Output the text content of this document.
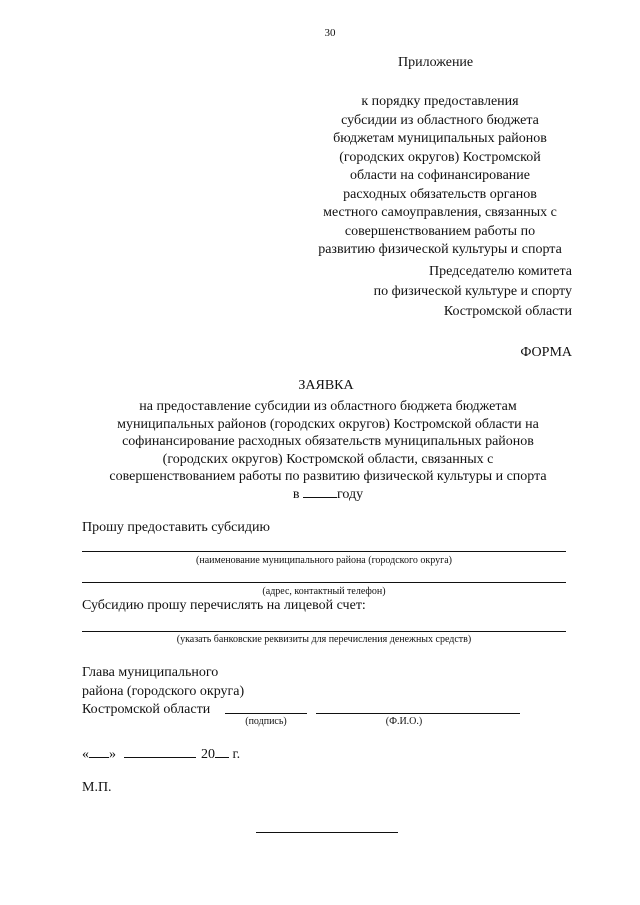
30
Приложение
к порядку предоставления
субсидии из областного бюджета
бюджетам муниципальных районов
(городских округов) Костромской
области на софинансирование
расходных обязательств органов
местного самоуправления, связанных с
совершенствованием работы по
развитию физической культуры и спорта
Председателю комитета
по физической культуре и спорту
Костромской области
ФОРМА
ЗАЯВКА
на предоставление субсидии из областного бюджета бюджетам
муниципальных районов (городских округов) Костромской области на
софинансирование расходных обязательств муниципальных районов
(городских округов) Костромской области, связанных с
совершенствованием работы по развитию физической культуры и спорта
в	году
Прошу предоставить субсидию
(наименование муниципального района (городского округа)
(адрес, контактный телефон)
Субсидию прошу перечислять на лицевой счет:
(указать банковские реквизиты для перечисления денежных средств)
Глава муниципального
района (городского округа)
Костромской области
(подпись)	(Ф.И.О.)
« »	20 г.
М.П.
